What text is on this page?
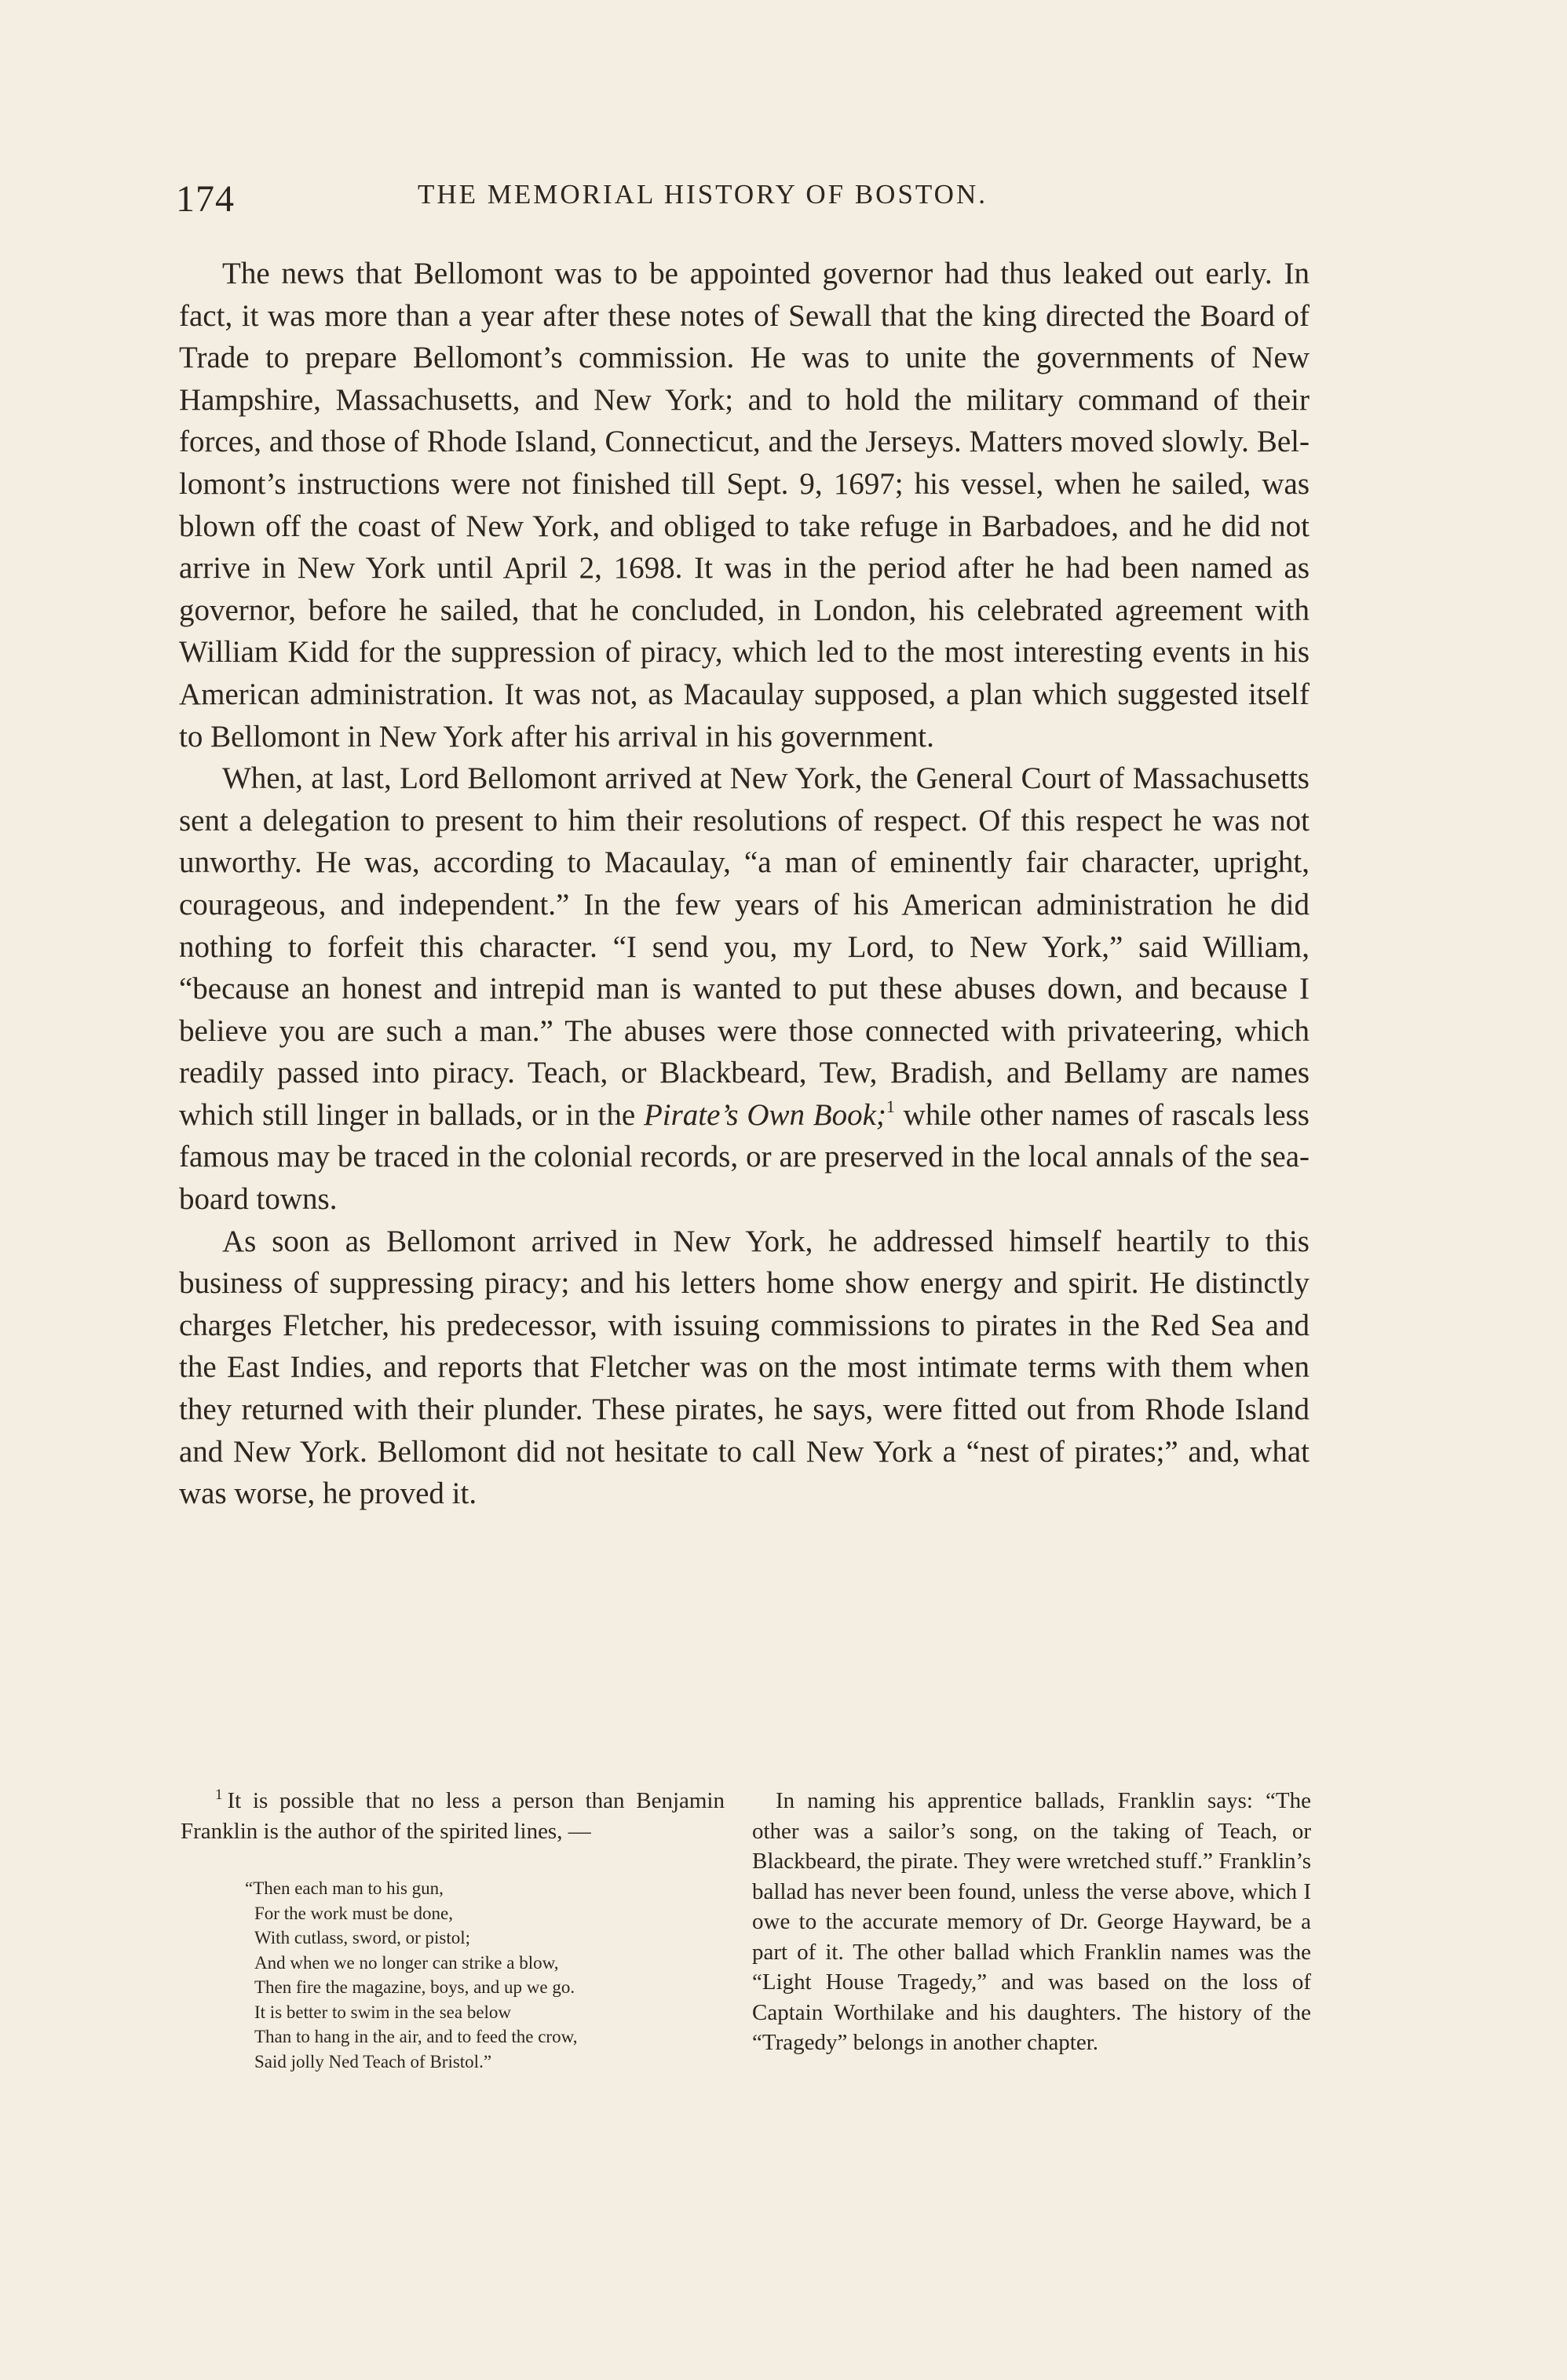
174	THE MEMORIAL HISTORY OF BOSTON.

The news that Bellomont was to be appointed governor had thus leaked out early. In fact, it was more than a year after these notes of Sewall that the king directed the Board of Trade to prepare Bellomont’s commission. He was to unite the governments of New Hampshire, Massachusetts, and New York; and to hold the military command of their forces, and those of Rhode Island, Connecticut, and the Jerseys. Matters moved slowly. Bellomont’s instructions were not finished till Sept. 9, 1697; his vessel, when he sailed, was blown off the coast of New York, and obliged to take refuge in Barbadoes, and he did not arrive in New York until April 2, 1698. It was in the period after he had been named as governor, before he sailed, that he concluded, in London, his celebrated agreement with William Kidd for the suppression of piracy, which led to the most interesting events in his American administration. It was not, as Macaulay supposed, a plan which suggested itself to Bellomont in New York after his arrival in his government.

When, at last, Lord Bellomont arrived at New York, the General Court of Massachusetts sent a delegation to present to him their resolutions of respect. Of this respect he was not unworthy. He was, according to Macaulay, “a man of eminently fair character, upright, courageous, and independent.” In the few years of his American administration he did nothing to forfeit this character. “I send you, my Lord, to New York,” said William, “because an honest and intrepid man is wanted to put these abuses down, and because I believe you are such a man.” The abuses were those connected with privateering, which readily passed into piracy. Teach, or Blackbeard, Tew, Bradish, and Bellamy are names which still linger in ballads, or in the Pirate’s Own Book;$^1$ while other names of rascals less famous may be traced in the colonial records, or are preserved in the local annals of the sea-board towns.

As soon as Bellomont arrived in New York, he addressed himself heartily to this business of suppressing piracy; and his letters home show energy and spirit. He distinctly charges Fletcher, his predecessor, with issuing commissions to pirates in the Red Sea and the East Indies, and reports that Fletcher was on the most intimate terms with them when they returned with their plunder. These pirates, he says, were fitted out from Rhode Island and New York. Bellomont did not hesitate to call New York a “nest of pirates;” and, what was worse, he proved it.

$^1$ It is possible that no less a person than Benjamin Franklin is the author of the spirited lines, —

“Then each man to his gun,
For the work must be done,
With cutlass, sword, or pistol;
And when we no longer can strike a blow,
Then fire the magazine, boys, and up we go.
It is better to swim in the sea below
Than to hang in the air, and to feed the crow,
Said jolly Ned Teach of Bristol.”

In naming his apprentice ballads, Franklin says: “The other was a sailor’s song, on the taking of Teach, or Blackbeard, the pirate. They were wretched stuff.” Franklin’s ballad has never been found, unless the verse above, which I owe to the accurate memory of Dr. George Hayward, be a part of it. The other ballad which Franklin names was the “Light House Tragedy,” and was based on the loss of Captain Worthilake and his daughters. The history of the “Tragedy” belongs in another chapter.
